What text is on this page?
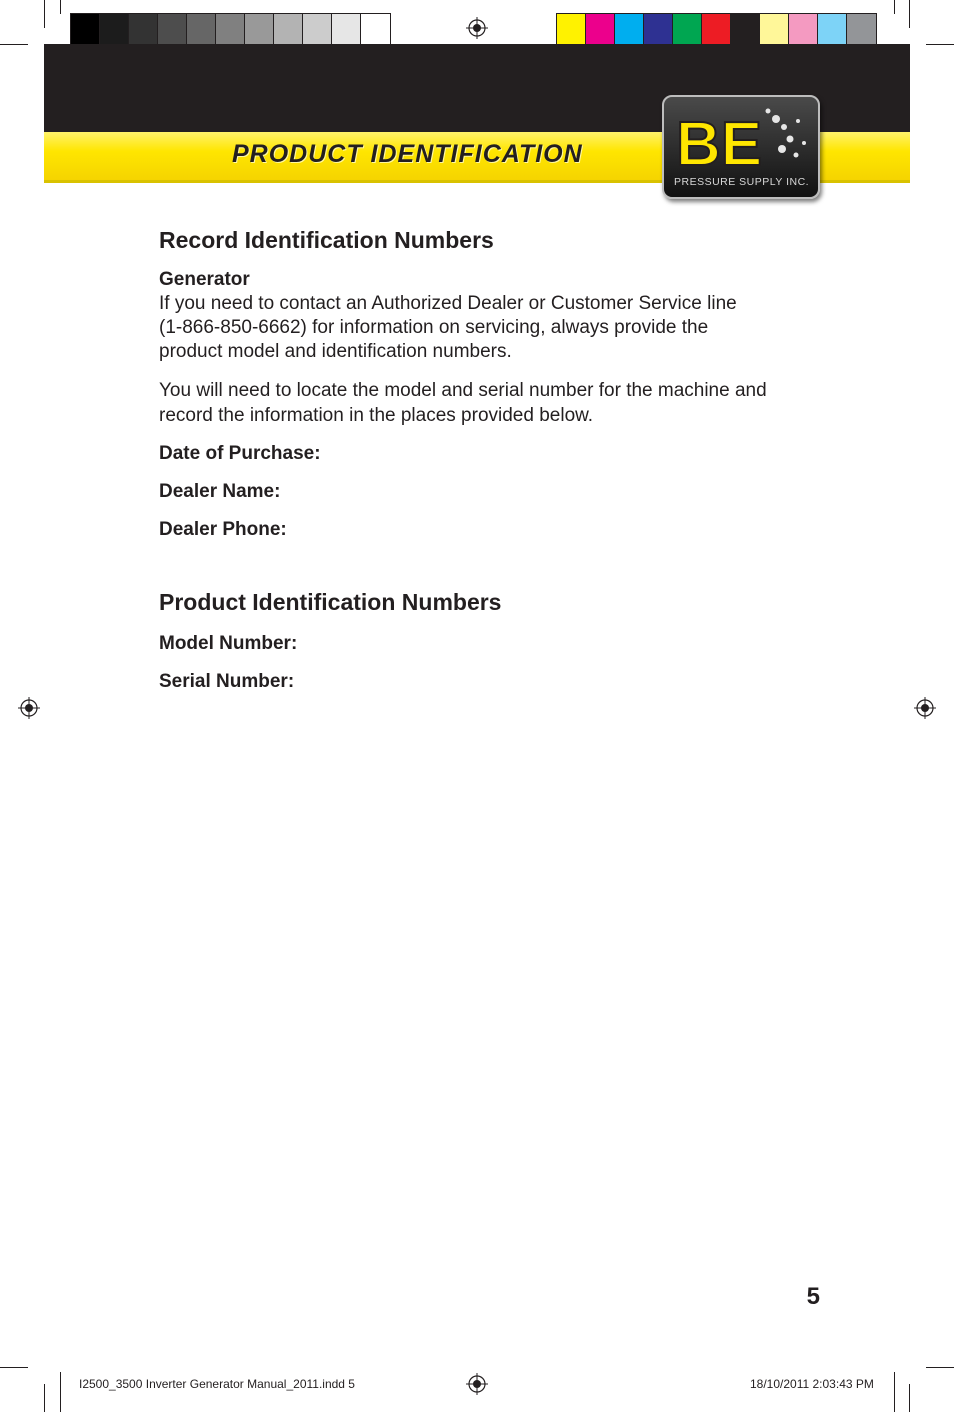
PRODUCT IDENTIFICATION BE
PRESSURE SUPPLY INC.
Record Identification Numbers
Generator

If you need to contact an Authorized Dealer or Customer Service line
(1-866-850-6662) for information on servicing, always provide the
product model and identification numbers.

You will need to locate the model and serial number for the machine and
record the information in the places provided below.

Date of Purchase:
Dealer Name:
Dealer Phone:
Product Identification Numbers
Model Number:
Serial Number:
5
I2500_3500 Inverter Generator Manual_2011.indd 5	18/10/2011 2:03:43 PM
